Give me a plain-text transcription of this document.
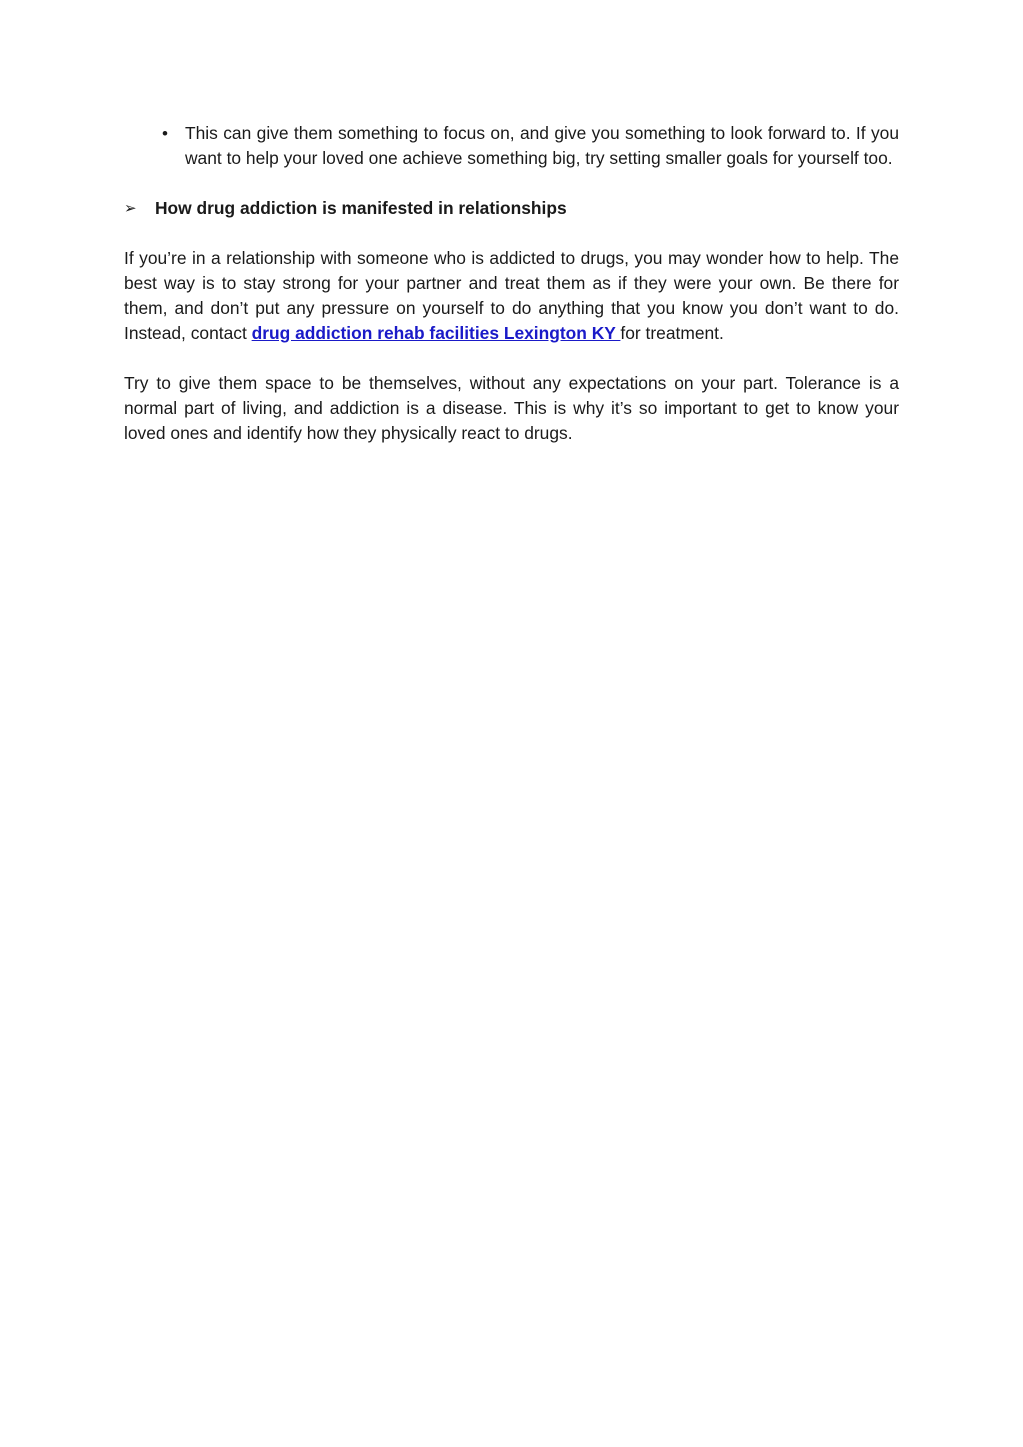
• This can give them something to focus on, and give you something to look forward to. If you want to help your loved one achieve something big, try setting smaller goals for yourself too.
➢ How drug addiction is manifested in relationships

If you’re in a relationship with someone who is addicted to drugs, you may wonder how to help. The best way is to stay strong for your partner and treat them as if they were your own. Be there for them, and don’t put any pressure on yourself to do anything that you know you don’t want to do. Instead, contact drug addiction rehab facilities Lexington KY for treatment.

Try to give them space to be themselves, without any expectations on your part. Tolerance is a normal part of living, and addiction is a disease. This is why it’s so important to get to know your loved ones and identify how they physically react to drugs.
